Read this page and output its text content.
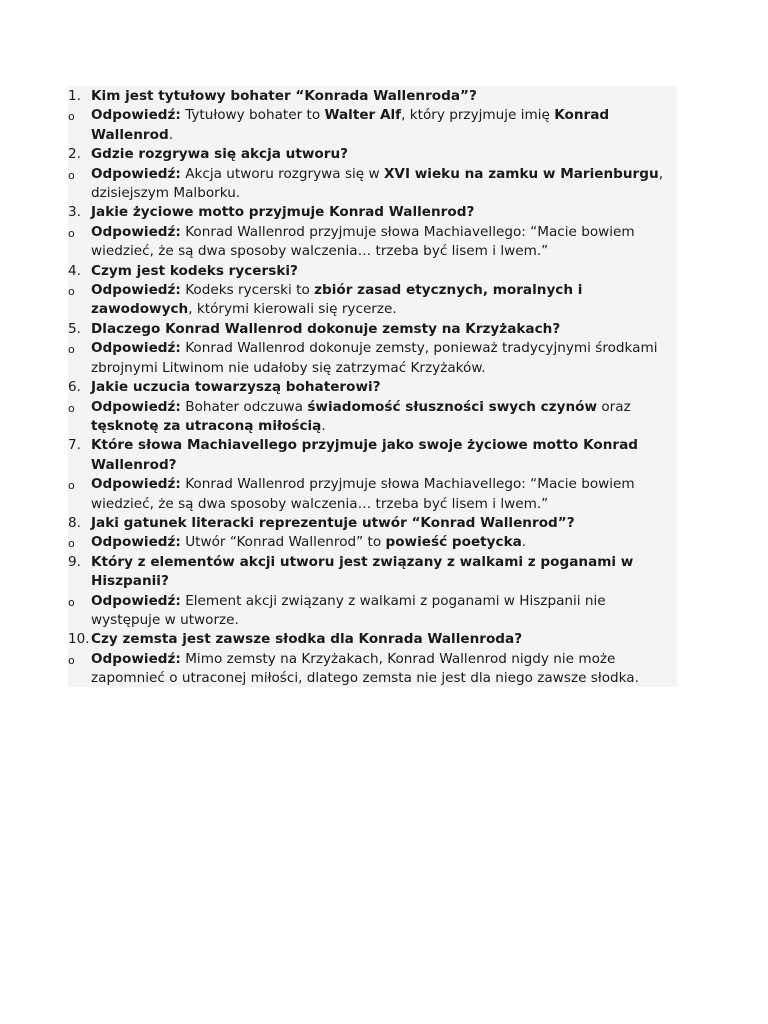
1. Kim jest tytułowy bohater “Konrada Wallenroda”?
o	Odpowiedź: Tytułowy bohater to Walter Alf, który przyjmuje imię Konrad Wallenrod.
2. Gdzie rozgrywa się akcja utworu?
o	Odpowiedź: Akcja utworu rozgrywa się w XVI wieku na zamku w Marienburgu, dzisiejszym Malborku.
3. Jakie życiowe motto przyjmuje Konrad Wallenrod?
o	Odpowiedź: Konrad Wallenrod przyjmuje słowa Machiavellego: “Macie bowiem wiedzieć, że są dwa sposoby walczenia… trzeba być lisem i lwem.”
4. Czym jest kodeks rycerski?
o	Odpowiedź: Kodeks rycerski to zbiór zasad etycznych, moralnych i zawodowych, którymi kierowali się rycerze.
5. Dlaczego Konrad Wallenrod dokonuje zemsty na Krzyżakach?
o	Odpowiedź: Konrad Wallenrod dokonuje zemsty, ponieważ tradycyjnymi środkami zbrojnymi Litwinom nie udałoby się zatrzymać Krzyżaków.
6. Jakie uczucia towarzyszą bohaterowi?
o	Odpowiedź: Bohater odczuwa świadomość słuszności swych czynów oraz tęsknotę za utraconą miłością.
7. Które słowa Machiavellego przyjmuje jako swoje życiowe motto Konrad Wallenrod?
o	Odpowiedź: Konrad Wallenrod przyjmuje słowa Machiavellego: “Macie bowiem wiedzieć, że są dwa sposoby walczenia… trzeba być lisem i lwem.”
8. Jaki gatunek literacki reprezentuje utwór “Konrad Wallenrod”?
o	Odpowiedź: Utwór “Konrad Wallenrod” to powieść poetycka.
9. Który z elementów akcji utworu jest związany z walkami z poganami w Hiszpanii?
o	Odpowiedź: Element akcji związany z walkami z poganami w Hiszpanii nie występuje w utworze.
10. Czy zemsta jest zawsze słodka dla Konrada Wallenroda?
o	Odpowiedź: Mimo zemsty na Krzyżakach, Konrad Wallenrod nigdy nie może zapomnieć o utraconej miłości, dlatego zemsta nie jest dla niego zawsze słodka.
